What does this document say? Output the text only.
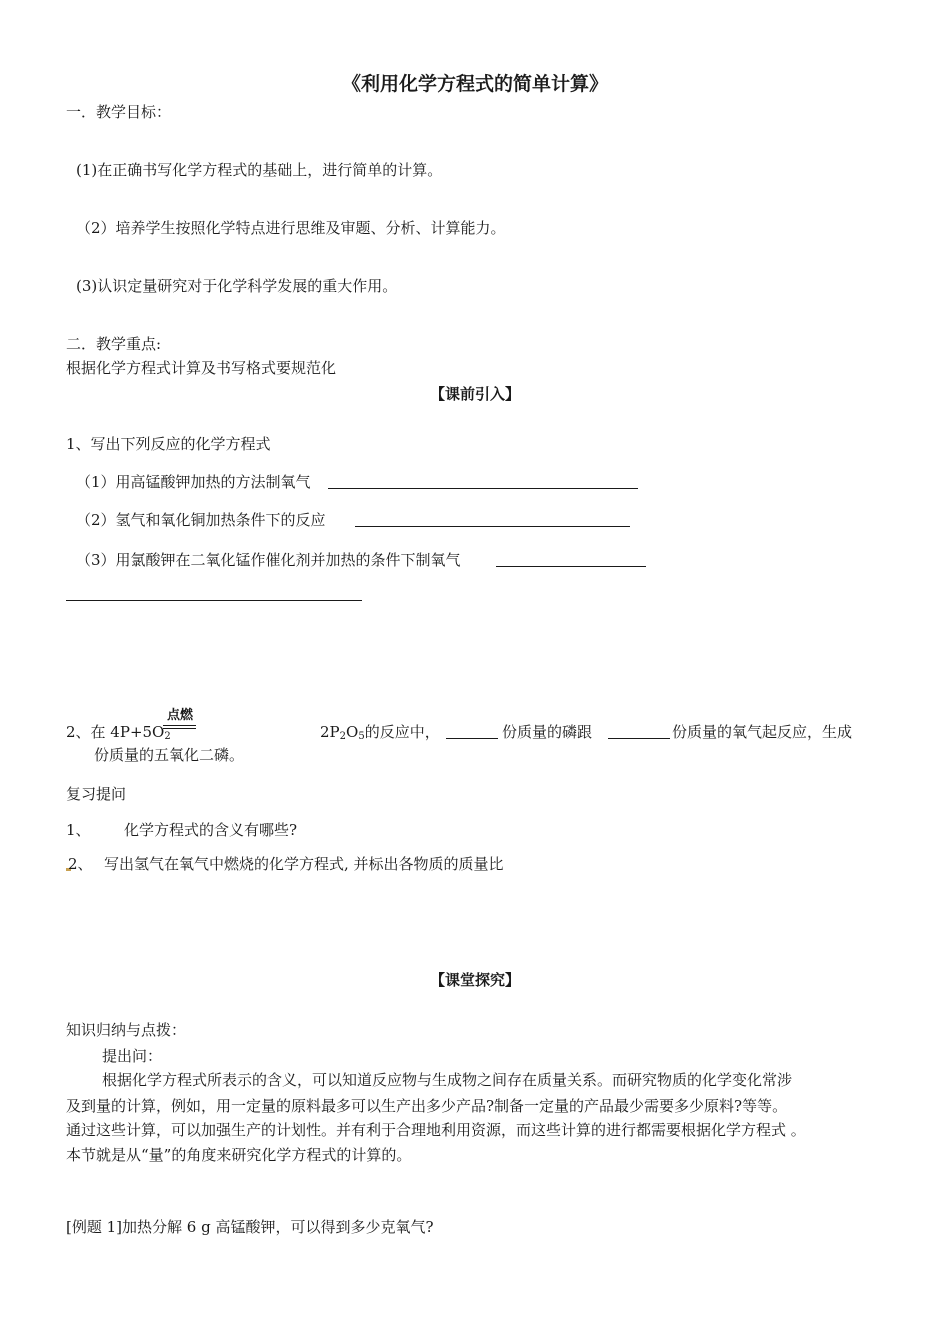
《利用化学方程式的简单计算》
一．教学目标：
(1)在正确书写化学方程式的基础上，进行简单的计算。
（2）培养学生按照化学特点进行思维及审题、分析、计算能力。
(3)认识定量研究对于化学科学发展的重大作用。
二．教学重点:
根据化学方程式计算及书写格式要规范化
【课前引入】
1、写出下列反应的化学方程式
（1）用高锰酸钾加热的方法制氧气
（2）氢气和氧化铜加热条件下的反应
（3）用氯酸钾在二氧化锰作催化剂并加热的条件下制氧气
2、在 $4P+5O_2$
点燃
$2P_2O_5$的反应中，	份质量的磷跟	份质量的氧气起反应，生成
份质量的五氧化二磷。
复习提问
1、 化学方程式的含义有哪些?
2、 写出氢气在氧气中燃烧的化学方程式, 并标出各物质的质量比
【课堂探究】
知识归纳与点拨：
提出问：
根据化学方程式所表示的含义，可以知道反应物与生成物之间存在质量关系。而研究物质的化学变化常涉
及到量的计算，例如，用一定量的原料最多可以生产出多少产品?制备一定量的产品最少需要多少原料?等等。
通过这些计算，可以加强生产的计划性。并有利于合理地利用资源，而这些计算的进行都需要根据化学方程式 。
本节就是从“量”的角度来研究化学方程式的计算的。
[例题 1]加热分解 6 g 高锰酸钾，可以得到多少克氧气?
